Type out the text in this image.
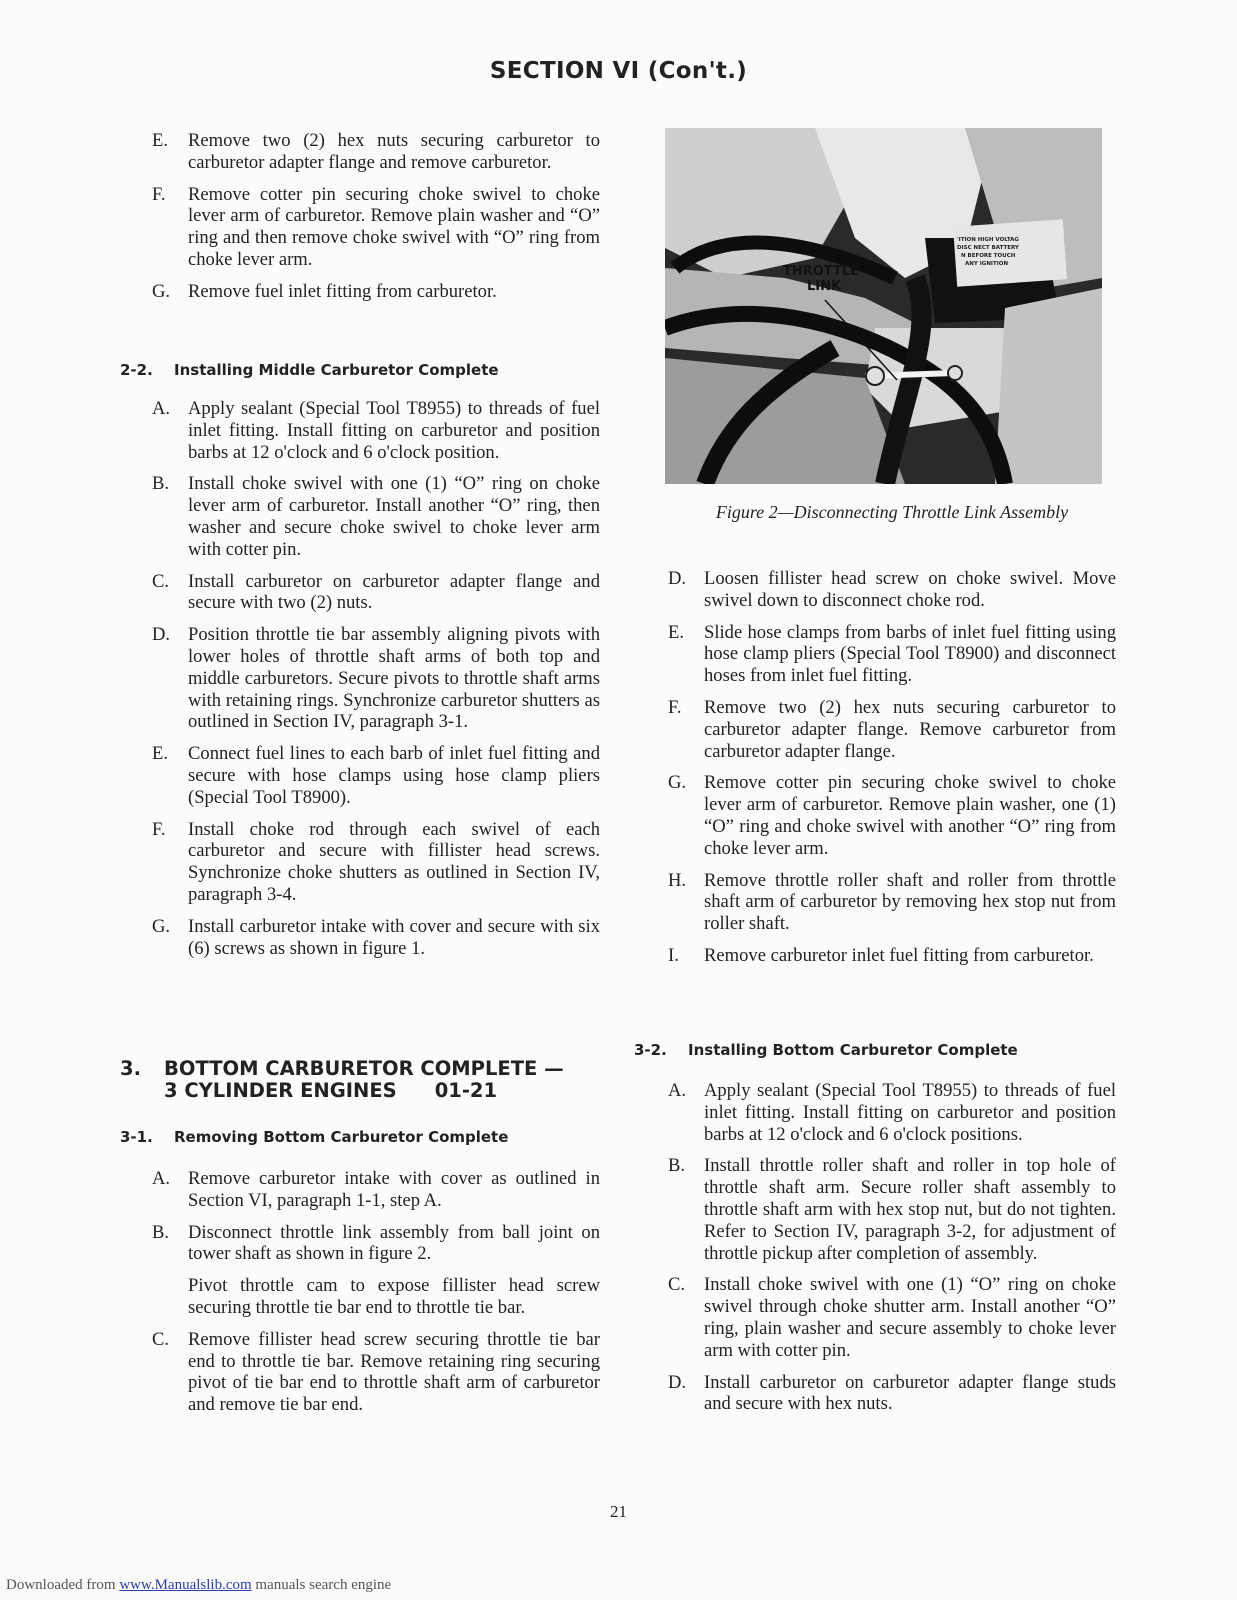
SECTION VI (Con't.)
E.	Remove two (2) hex nuts securing carburetor to carburetor adapter flange and remove carburetor.
F.	Remove cotter pin securing choke swivel to choke lever arm of carburetor. Remove plain washer and “O” ring and then remove choke swivel with “O” ring from choke lever arm.
G. Remove fuel inlet fitting from carburetor.
2-2. Installing Middle Carburetor Complete
A. Apply sealant (Special Tool T8955) to threads of fuel inlet fitting. Install fitting on carburetor and position barbs at 12 o'clock and 6 o'clock position.
B.	Install choke swivel with one (1) “O” ring on choke lever arm of carburetor. Install another “O” ring, then washer and secure choke swivel to choke lever arm with cotter pin.
C.	Install carburetor on carburetor adapter flange and secure with two (2) nuts.
D. Position throttle tie bar assembly aligning pivots with lower holes of throttle shaft arms of both top and middle carburetors. Secure pivots to throttle shaft arms with retaining rings. Synchronize carburetor shutters as outlined in Section IV, paragraph 3-1.
E.	Connect fuel lines to each barb of inlet fuel fitting and secure with hose clamps using hose clamp pliers (Special Tool T8900).
F.	Install choke rod through each swivel of each carburetor and secure with fillister head screws. Synchronize choke shutters as outlined in Section IV, paragraph 3-4.
G. Install carburetor intake with cover and secure with six (6) screws as shown in figure 1.
3. BOTTOM CARBURETOR COMPLETE —
3 CYLINDER ENGINES 01-21
3-1. Removing Bottom Carburetor Complete
A. Remove carburetor intake with cover as outlined in Section VI, paragraph 1-1, step A.
B.	Disconnect throttle link assembly from ball joint on tower shaft as shown in figure 2.
Pivot throttle cam to expose fillister head screw securing throttle tie bar end to throttle tie bar.
C.	Remove fillister head screw securing throttle tie bar end to throttle tie bar. Remove retaining ring securing pivot of tie bar end to throttle shaft arm of carburetor and remove tie bar end.
THROTTLE
LINK
'ITION HIGH VOLTAG
DISC NECT BATTERY
N BEFORE TOUCH
ANY IGNITION
Figure 2—Disconnecting Throttle Link Assembly
D. Loosen fillister head screw on choke swivel. Move swivel down to disconnect choke rod.
E.	Slide hose clamps from barbs of inlet fuel fitting using hose clamp pliers (Special Tool T8900) and disconnect hoses from inlet fuel fitting.
F.	Remove two (2) hex nuts securing carburetor to carburetor adapter flange. Remove carburetor from carburetor adapter flange.
G. Remove cotter pin securing choke swivel to choke lever arm of carburetor. Remove plain washer, one (1) “O” ring and choke swivel with another “O” ring from choke lever arm.
H. Remove throttle roller shaft and roller from throttle shaft arm of carburetor by removing hex stop nut from roller shaft.
I.	Remove carburetor inlet fuel fitting from carburetor.
3-2. Installing Bottom Carburetor Complete
A. Apply sealant (Special Tool T8955) to threads of fuel inlet fitting. Install fitting on carburetor and position barbs at 12 o'clock and 6 o'clock positions.
B.	Install throttle roller shaft and roller in top hole of throttle shaft arm. Secure roller shaft assembly to throttle shaft arm with hex stop nut, but do not tighten. Refer to Section IV, paragraph 3-2, for adjustment of throttle pickup after completion of assembly.
C.	Install choke swivel with one (1) “O” ring on choke swivel through choke shutter arm. Install another “O” ring, plain washer and secure assembly to choke lever arm with cotter pin.
D. Install carburetor on carburetor adapter flange studs and secure with hex nuts.
21
Downloaded from www.Manualslib.com manuals search engine
